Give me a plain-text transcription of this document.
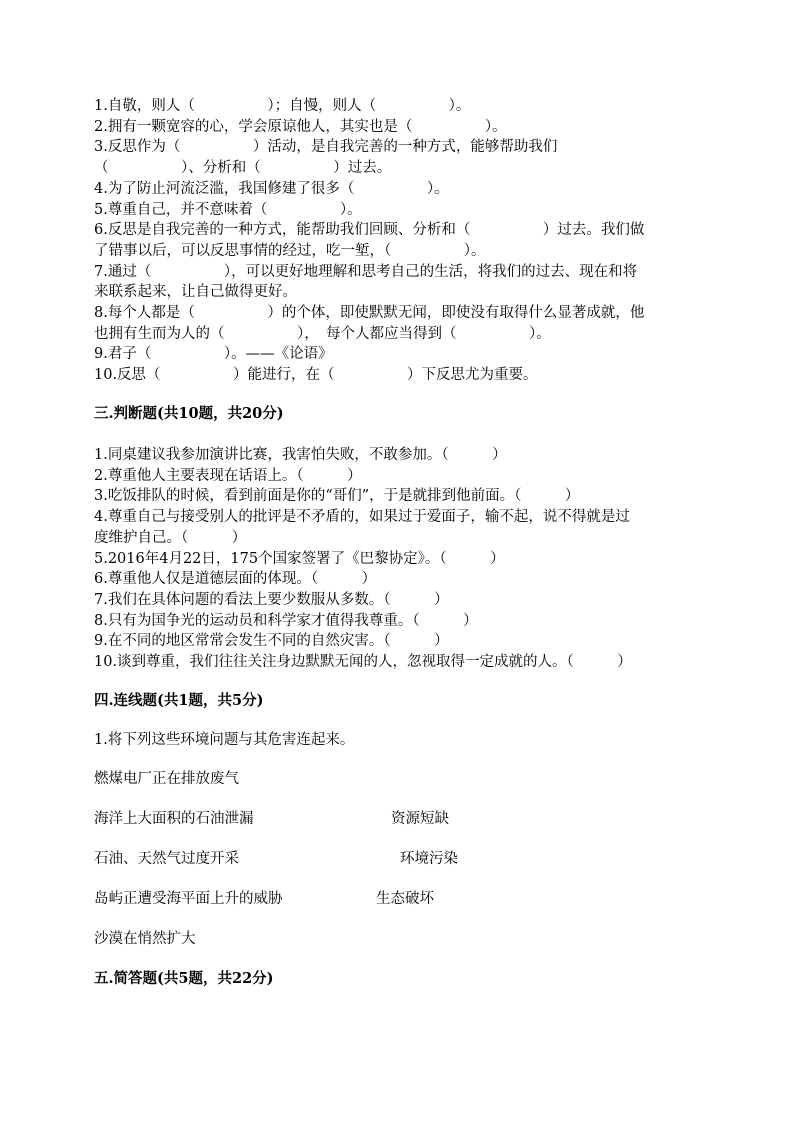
1.自敬，则人（　　　　　）；自慢，则人（　　　　　）。
2.拥有一颗宽容的心，学会原谅他人，其实也是（　　　　　）。
3.反思作为（　　　　　）活动，是自我完善的一种方式，能够帮助我们
（　　　　　）、分析和（　　　　　）过去。
4.为了防止河流泛滥，我国修建了很多（　　　　　）。
5.尊重自己，并不意味着（　　　　　）。
6.反思是自我完善的一种方式，能帮助我们回顾、分析和（　　　　　）过去。我们做
了错事以后，可以反思事情的经过，吃一堑，（　　　　　）。
7.通过（　　　　　），可以更好地理解和思考自己的生活，将我们的过去、现在和将
来联系起来，让自己做得更好。
8.每个人都是（　　　　　）的个体，即使默默无闻，即使没有取得什么显著成就，他
也拥有生而为人的（　　　　　），　每个人都应当得到（　　　　　）。
9.君子（　　　　　）。——《论语》
10.反思（　　　　　）能进行，在（　　　　　）下反思尤为重要。
三.判断题(共10题，共20分)
1.同桌建议我参加演讲比赛，我害怕失败，不敢参加。（　　　）
2.尊重他人主要表现在话语上。（　　　）
3.吃饭排队的时候，看到前面是你的“哥们”，于是就排到他前面。（　　　）
4.尊重自己与接受别人的批评是不矛盾的，如果过于爱面子，输不起，说不得就是过
度维护自己。（　　　）
5.2016年4月22日，175个国家签署了《巴黎协定》。（　　　）
6.尊重他人仅是道德层面的体现。（　　　）
7.我们在具体问题的看法上要少数服从多数。（　　　）
8.只有为国争光的运动员和科学家才值得我尊重。（　　　）
9.在不同的地区常常会发生不同的自然灾害。（　　　）
10.谈到尊重，我们往往关注身边默默无闻的人，忽视取得一定成就的人。（　　　）
四.连线题(共1题，共5分)
1.将下列这些环境问题与其危害连起来。
燃煤电厂正在排放废气
海洋上大面积的石油泄漏	资源短缺
石油、天然气过度开采	环境污染
岛屿正遭受海平面上升的威胁	生态破坏
沙漠在悄然扩大
五.简答题(共5题，共22分)
